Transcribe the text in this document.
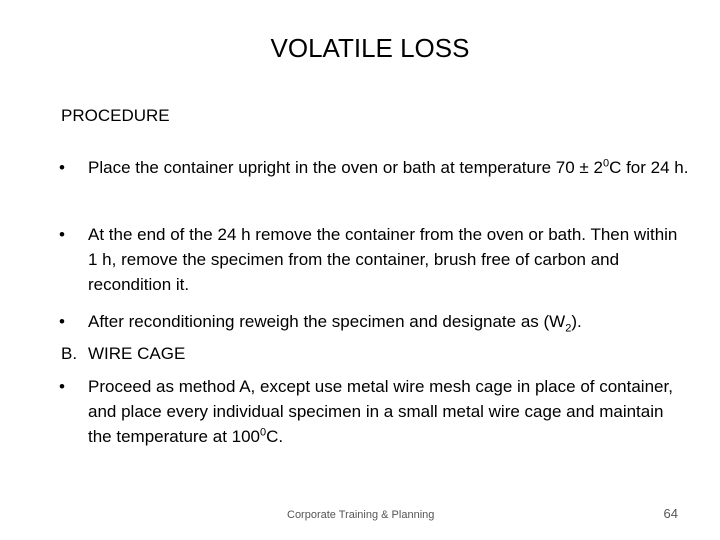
VOLATILE LOSS
PROCEDURE
• Place the container upright in the oven or bath at temperature $70 \pm 2^0C$ for 24 h.
• At the end of the 24 h remove the container from the oven or bath. Then within 1 h, remove the specimen from the container, brush free of carbon and recondition it.
• After reconditioning reweigh the specimen and designate as $(W_2)$.
B. WIRE CAGE
• Proceed as method A, except use metal wire mesh cage in place of container, and place every individual specimen in a small metal wire cage and maintain the temperature at $100^0C$.
Corporate Training & Planning	64
